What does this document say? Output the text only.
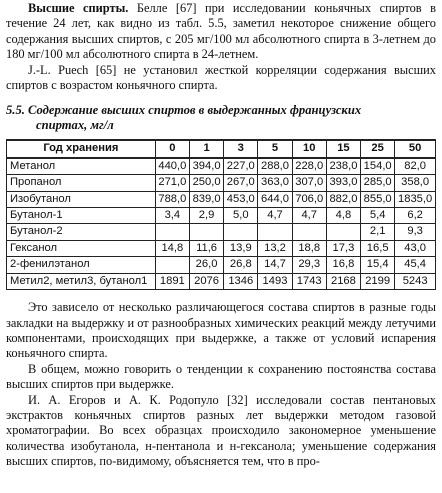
Высшие спирты. Белле [67] при исследовании коньячных спиртов в течение 24 лет, как видно из табл. 5.5, заметил некоторое снижение общего содержания высших спиртов, с 205 мг/100 мл абсолютного спирта в 3-летнем до 180 мг/100 мл абсолютного спирта в 24-летнем.

J.-L. Puech [65] не установил жесткой корреляции содержания высших спиртов с возрастом коньячного спирта.

5.5. Содержание высших спиртов в выдержанных французских
спиртах, мг/л
Год хранения	0	1	3	5	10	15	25	50
Метанол	440,0	394,0	227,0	288,0	228,0	238,0	154,0	82,0
Пропанол	271,0	250,0	267,0	363,0	307,0	393,0	285,0	358,0
Изобутанол	788,0	839,0	453,0	644,0	706,0	882,0	855,0	1835,0
Бутанол-1	3,4	2,9	5,0	4,7	4,7	4,8	5,4	6,2
Бутанол-2							2,1	9,3
Гексанол	14,8	11,6	13,9	13,2	18,8	17,3	16,5	43,0
2-фенилэтанол		26,0	26,8	14,7	29,3	16,8	15,4	45,4
Метил2, метил3, бутанол1	1891	2076	1346	1493	1743	2168	2199	5243

Это зависело от несколько различающегося состава спиртов в разные годы закладки на выдержку и от разнообразных химических реакций между летучими компонентами, происходящих при выдержке, а также от условий испарения коньячного спирта.

В общем, можно говорить о тенденции к сохранению постоянства состава высших спиртов при выдержке.

И. А. Егоров и А. К. Родопуло [32] исследовали состав пентановых экстрактов коньячных спиртов разных лет выдержки методом газовой хроматографии. Во всех образцах происходило закономерное уменьшение количества изобутанола, н-пентанола и н-гексанола; уменьшение содержания высших спиртов, по-видимому, объясняется тем, что в про-
